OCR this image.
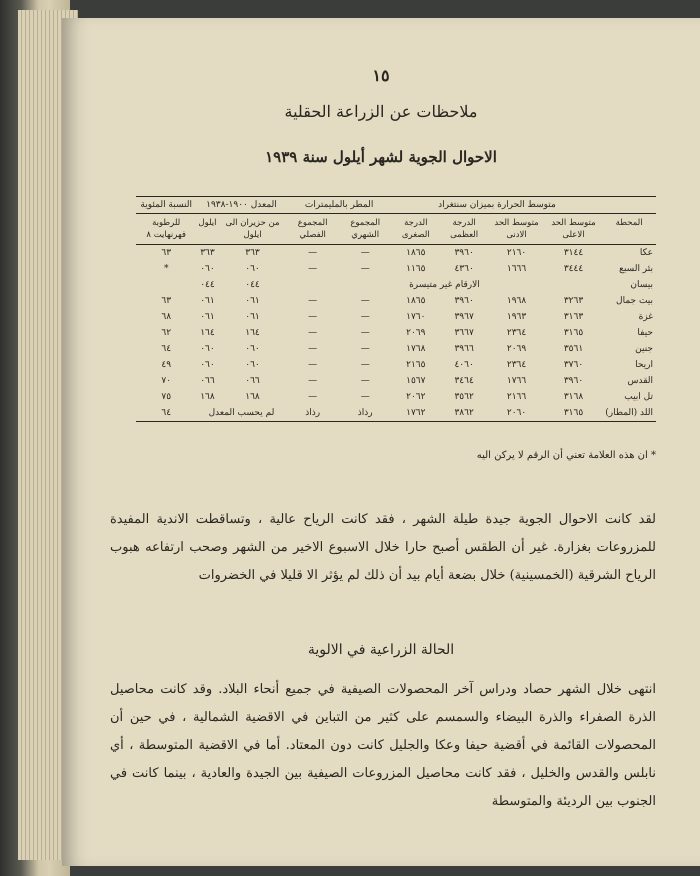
١٥
ملاحظات عن الزراعة الحقلية
الاحوال الجوية لشهر أيلول سنة ١٩٣٩
	متوسط الحرارة بميزان سنتغراد				المطر بالمليمترات		المعدل ١٩٠٠-١٩٣٨		النسبة المئوية
المحطة	متوسط الحد الاعلى	متوسط الحد الادنى	الدرجة العظمى	الدرجة الصغرى	المجموع الشهري	المجموع الفصلي	من حزيران الى ايلول	ايلول	للرطوبة فهرنهايت ٨
عكا	٣١٤٤	٢١٦٠	٣٩٦٠	١٨٦٥	—	—	٣٦٣	٣٦٣	٦٣
بئر السبع	٣٤٤٤	١٦٦٦	٤٣٦٠	١١٦٥	—	—	٠٦٠	٠٦٠	*
بيسان	الارقام غير متيسرة						٠٤٤	٠٤٤	
بيت جمال	٣٢٦٣	١٩٦٨	٣٩٦٠	١٨٦٥	—	—	٠٦١	٠٦١	٦٣
غزة	٣١٦٣	١٩٦٣	٣٩٦٧	١٧٦٠	—	—	٠٦١	٠٦١	٦٨
حيفا	٣١٦٥	٢٣٦٤	٣٦٦٧	٢٠٦٩	—	—	١٦٤	١٦٤	٦٢
جنين	٣٥٦١	٢٠٦٩	٣٩٦٦	١٧٦٨	—	—	٠٦٠	٠٦٠	٦٤
اريحا	٣٧٦٠	٢٣٦٤	٤٠٦٠	٢١٦٥	—	—	٠٦٠	٠٦٠	٤٩
القدس	٣٩٦٠	١٧٦٦	٣٤٦٤	١٥٦٧	—	—	٠٦٦	٠٦٦	٧٠
تل ابيب	٣١٦٨	٢١٦٦	٣٥٦٢	٢٠٦٢	—	—	١٦٨	١٦٨	٧٥
اللد (المطار)	٣١٦٥	٢٠٦٠	٣٨٦٢	١٧٦٢	رذاذ	رذاذ	لم يحسب المعدل		٦٤
* ان هذه العلامة تعني أن الرقم لا يركن اليه
لقد كانت الاحوال الجوية جيدة طيلة الشهر ، فقد كانت الرياح عالية ، وتساقطت الاندية المفيدة للمزروعات بغزارة. غير أن الطقس أصبح حارا خلال الاسبوع الاخير من الشهر وصحب ارتفاعه هبوب الرياح الشرقية (الخمسينية) خلال بضعة أيام بيد أن ذلك لم يؤثر الا قليلا في الخضروات
الحالة الزراعية في الالوية
انتهى خلال الشهر حصاد ودراس آخر المحصولات الصيفية في جميع أنحاء البلاد. وقد كانت محاصيل الذرة الصفراء والذرة البيضاء والسمسم على كثير من التباين في الاقضية الشمالية ، في حين أن المحصولات القائمة في أقضية حيفا وعكا والجليل كانت دون المعتاد. أما في الاقضية المتوسطة ، أي نابلس والقدس والخليل ، فقد كانت محاصيل المزروعات الصيفية بين الجيدة والعادية ، بينما كانت في الجنوب بين الرديئة والمتوسطة
